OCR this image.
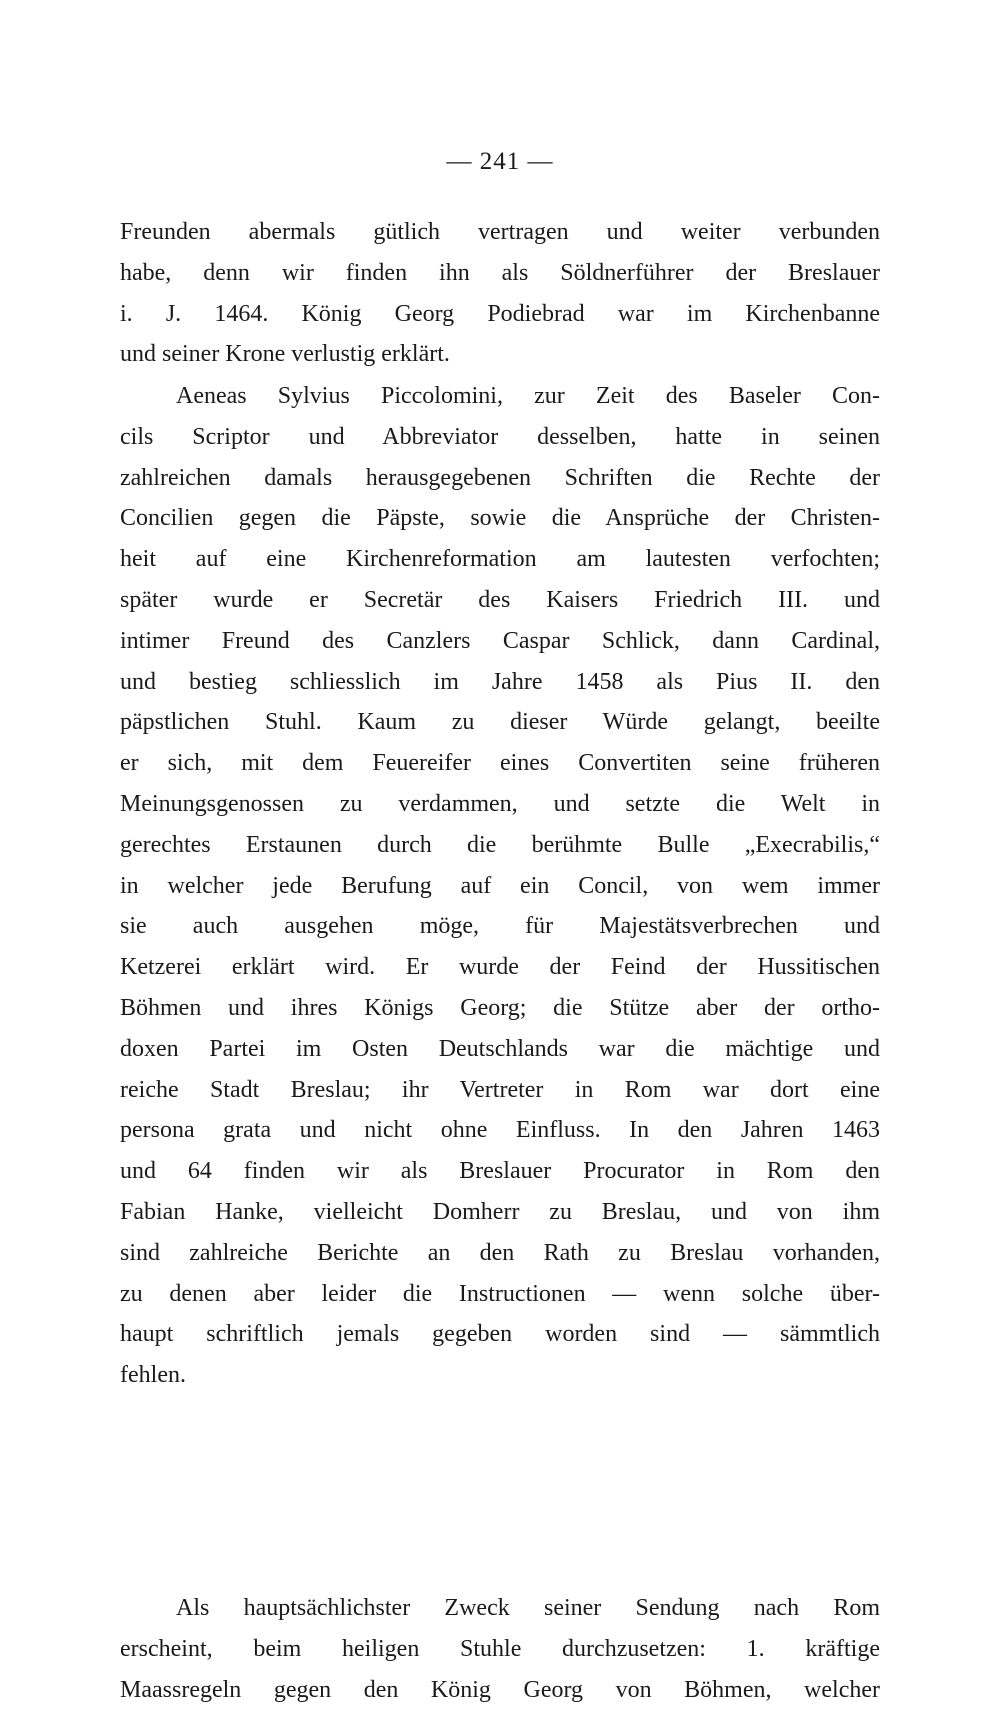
— 241 —
Freunden abermals gütlich vertragen und weiter verbunden
habe, denn wir finden ihn als Söldnerführer der Breslauer
i. J. 1464. König Georg Podiebrad war im Kirchenbanne
und seiner Krone verlustig erklärt.
Aeneas Sylvius Piccolomini, zur Zeit des Baseler Con-
cils Scriptor und Abbreviator desselben, hatte in seinen
zahlreichen damals herausgegebenen Schriften die Rechte der
Concilien gegen die Päpste, sowie die Ansprüche der Christen-
heit auf eine Kirchenreformation am lautesten verfochten;
später wurde er Secretär des Kaisers Friedrich III. und
intimer Freund des Canzlers Caspar Schlick, dann Cardinal,
und bestieg schliesslich im Jahre 1458 als Pius II. den
päpstlichen Stuhl. Kaum zu dieser Würde gelangt, beeilte
er sich, mit dem Feuereifer eines Convertiten seine früheren
Meinungsgenossen zu verdammen, und setzte die Welt in
gerechtes Erstaunen durch die berühmte Bulle „Execrabilis,“
in welcher jede Berufung auf ein Concil, von wem immer
sie auch ausgehen möge, für Majestätsverbrechen und
Ketzerei erklärt wird. Er wurde der Feind der Hussitischen
Böhmen und ihres Königs Georg; die Stütze aber der ortho-
doxen Partei im Osten Deutschlands war die mächtige und
reiche Stadt Breslau; ihr Vertreter in Rom war dort eine
persona grata und nicht ohne Einfluss. In den Jahren 1463
und 64 finden wir als Breslauer Procurator in Rom den
Fabian Hanke, vielleicht Domherr zu Breslau, und von ihm
sind zahlreiche Berichte an den Rath zu Breslau vorhanden,
zu denen aber leider die Instructionen — wenn solche über-
haupt schriftlich jemals gegeben worden sind — sämmtlich
fehlen.
Als hauptsächlichster Zweck seiner Sendung nach Rom
erscheint, beim heiligen Stuhle durchzusetzen: 1. kräftige
Maassregeln gegen den König Georg von Böhmen, welcher
